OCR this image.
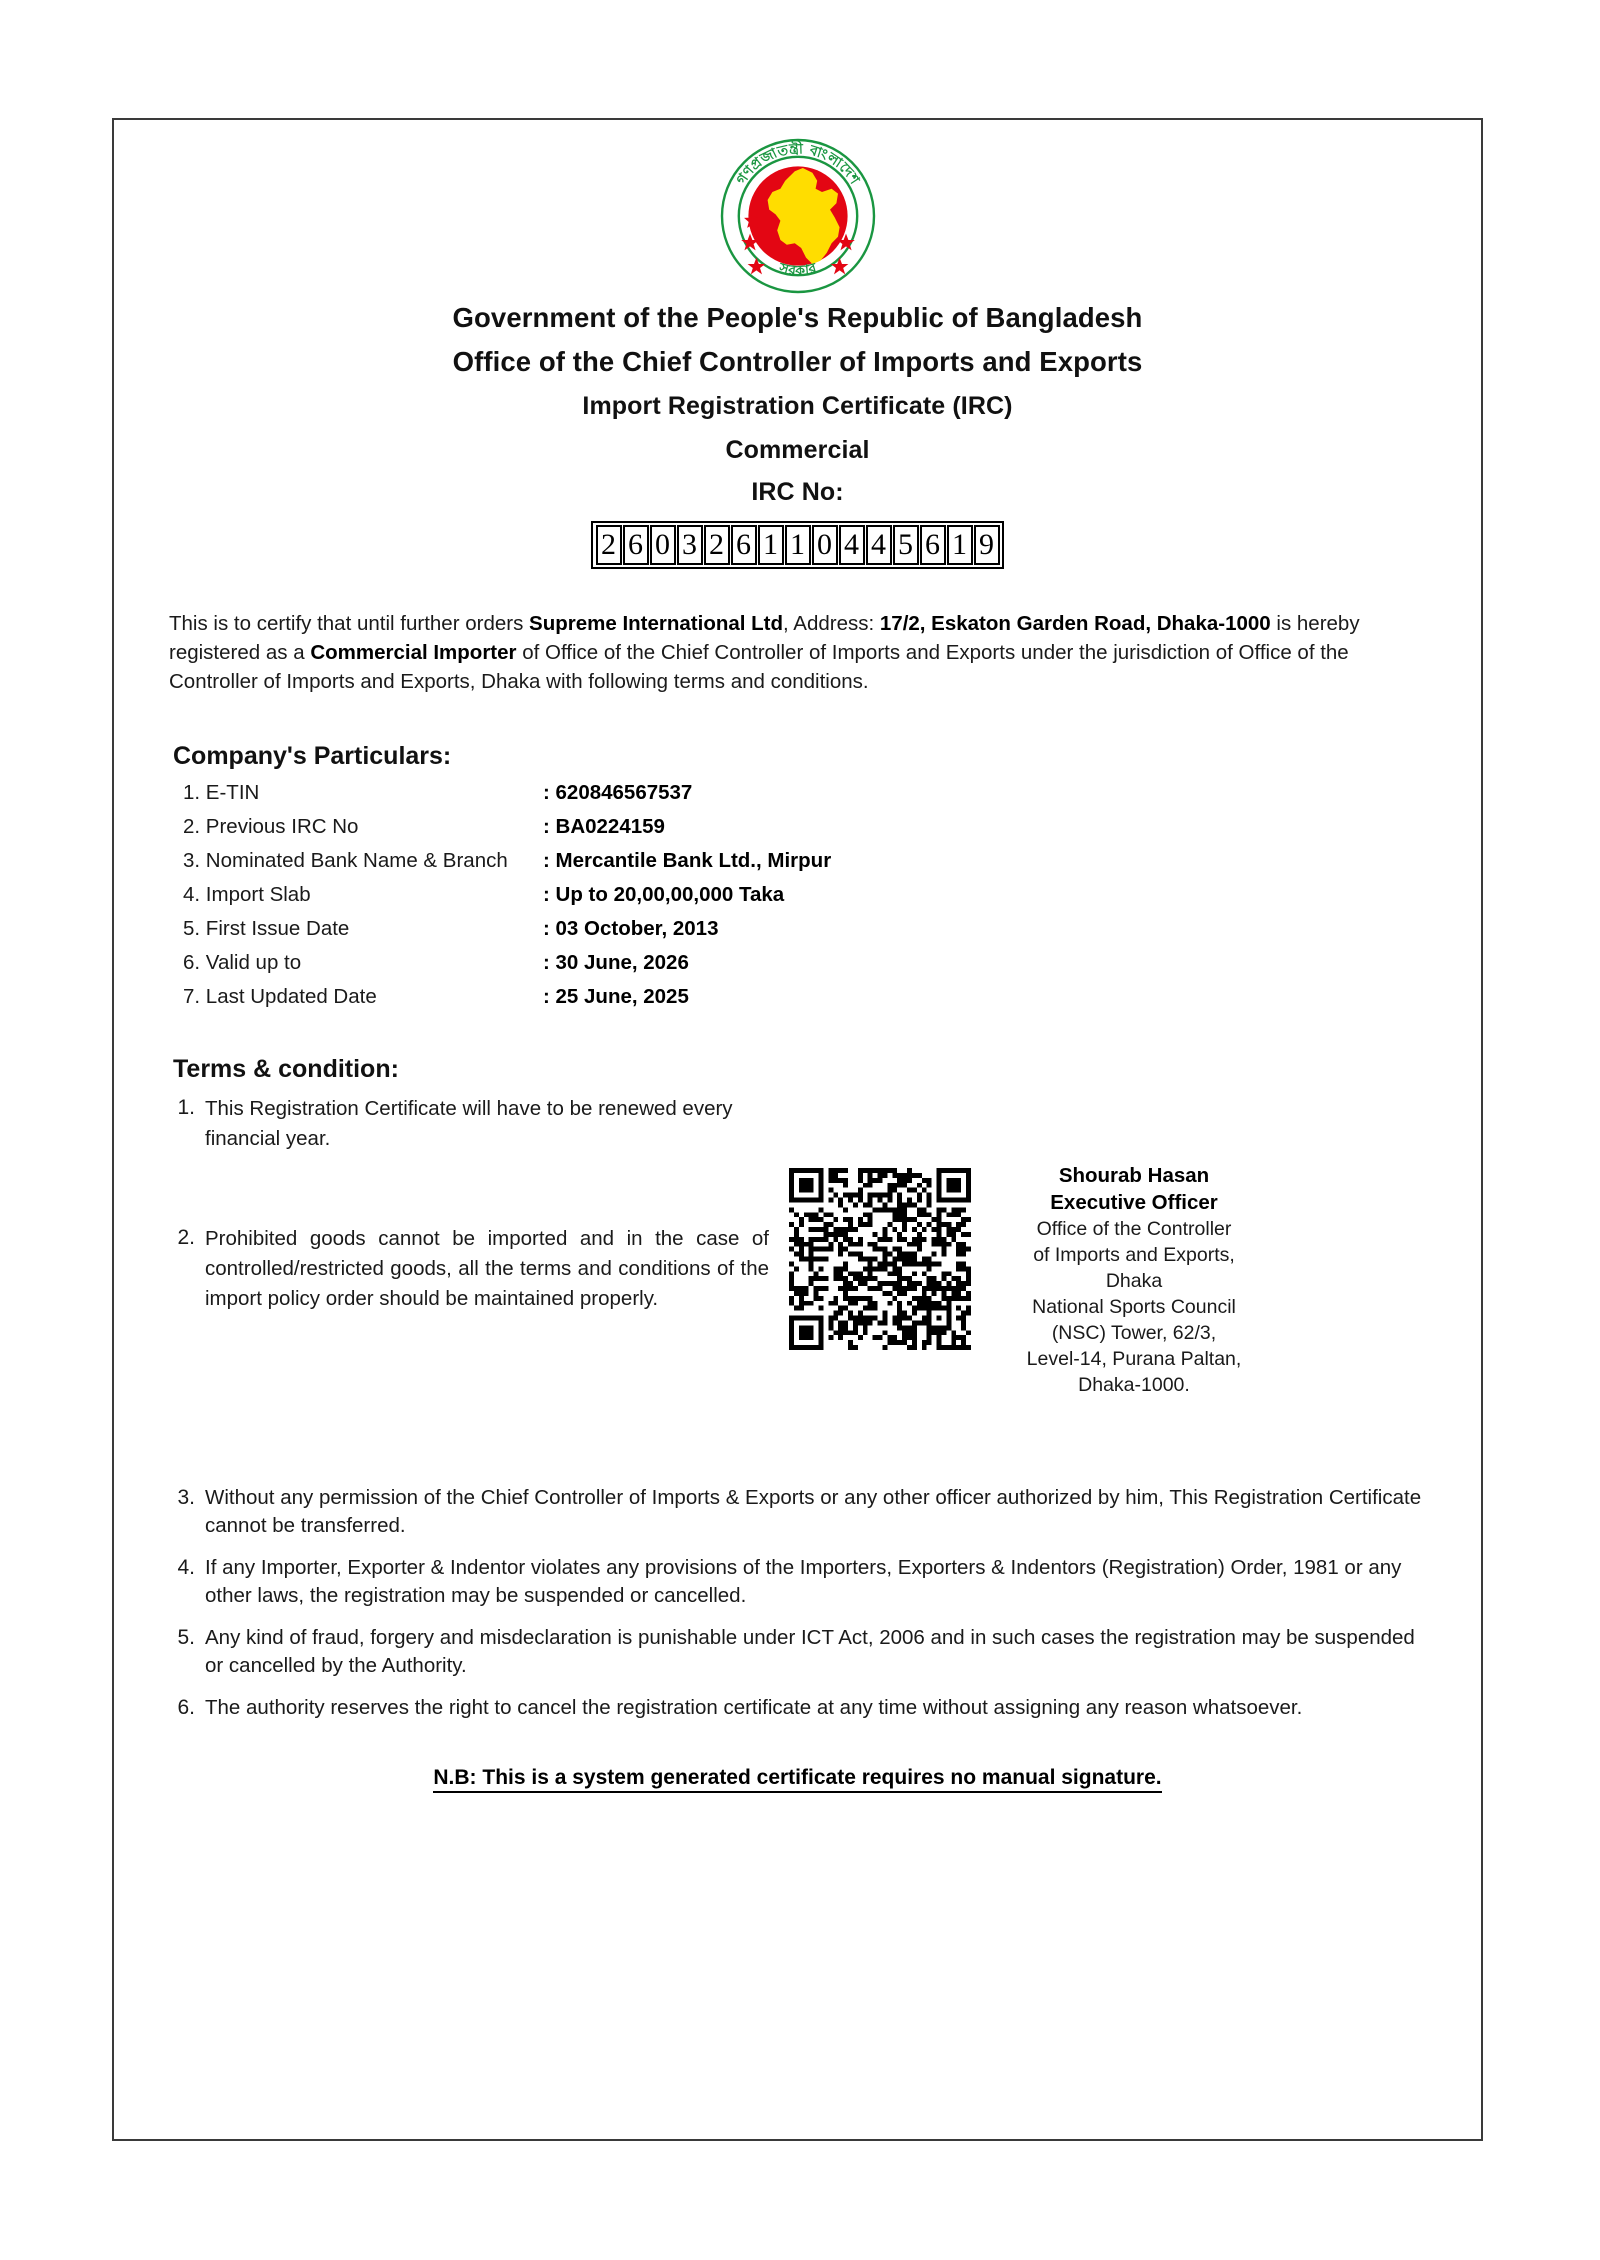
গণপ্রজাতন্ত্রী বাংলাদেশ
সরকার
Government of the People's Republic of Bangladesh
Office of the Chief Controller of Imports and Exports
Import Registration Certificate (IRC)
Commercial
IRC No:
2 6 0 3 2 6 1 1 0 4 4 5 6 1 9
This is to certify that until further orders Supreme International Ltd, Address: 17/2, Eskaton Garden Road, Dhaka-1000 is hereby registered as a Commercial Importer of Office of the Chief Controller of Imports and Exports under the jurisdiction of Office of the Controller of Imports and Exports, Dhaka with following terms and conditions.
Company's Particulars:
1. E-TIN	: 620846567537
2. Previous IRC No	: BA0224159
3. Nominated Bank Name & Branch	: Mercantile Bank Ltd., Mirpur
4. Import Slab	: Up to 20,00,00,000 Taka
5. First Issue Date	: 03 October, 2013
6. Valid up to	: 30 June, 2026
7. Last Updated Date	: 25 June, 2025
Terms & condition:
1. This Registration Certificate will have to be renewed every financial year.
2. Prohibited goods cannot be imported and in the case of controlled/restricted goods, all the terms and conditions of the import policy order should be maintained properly.
Shourab Hasan
Executive Officer
Office of the Controller
of Imports and Exports,
Dhaka
National Sports Council
(NSC) Tower, 62/3,
Level-14, Purana Paltan,
Dhaka-1000.
3. Without any permission of the Chief Controller of Imports & Exports or any other officer authorized by him, This Registration Certificate cannot be transferred.
4. If any Importer, Exporter & Indentor violates any provisions of the Importers, Exporters & Indentors (Registration) Order, 1981 or any other laws, the registration may be suspended or cancelled.
5. Any kind of fraud, forgery and misdeclaration is punishable under ICT Act, 2006 and in such cases the registration may be suspended or cancelled by the Authority.
6. The authority reserves the right to cancel the registration certificate at any time without assigning any reason whatsoever.
N.B: This is a system generated certificate requires no manual signature.
